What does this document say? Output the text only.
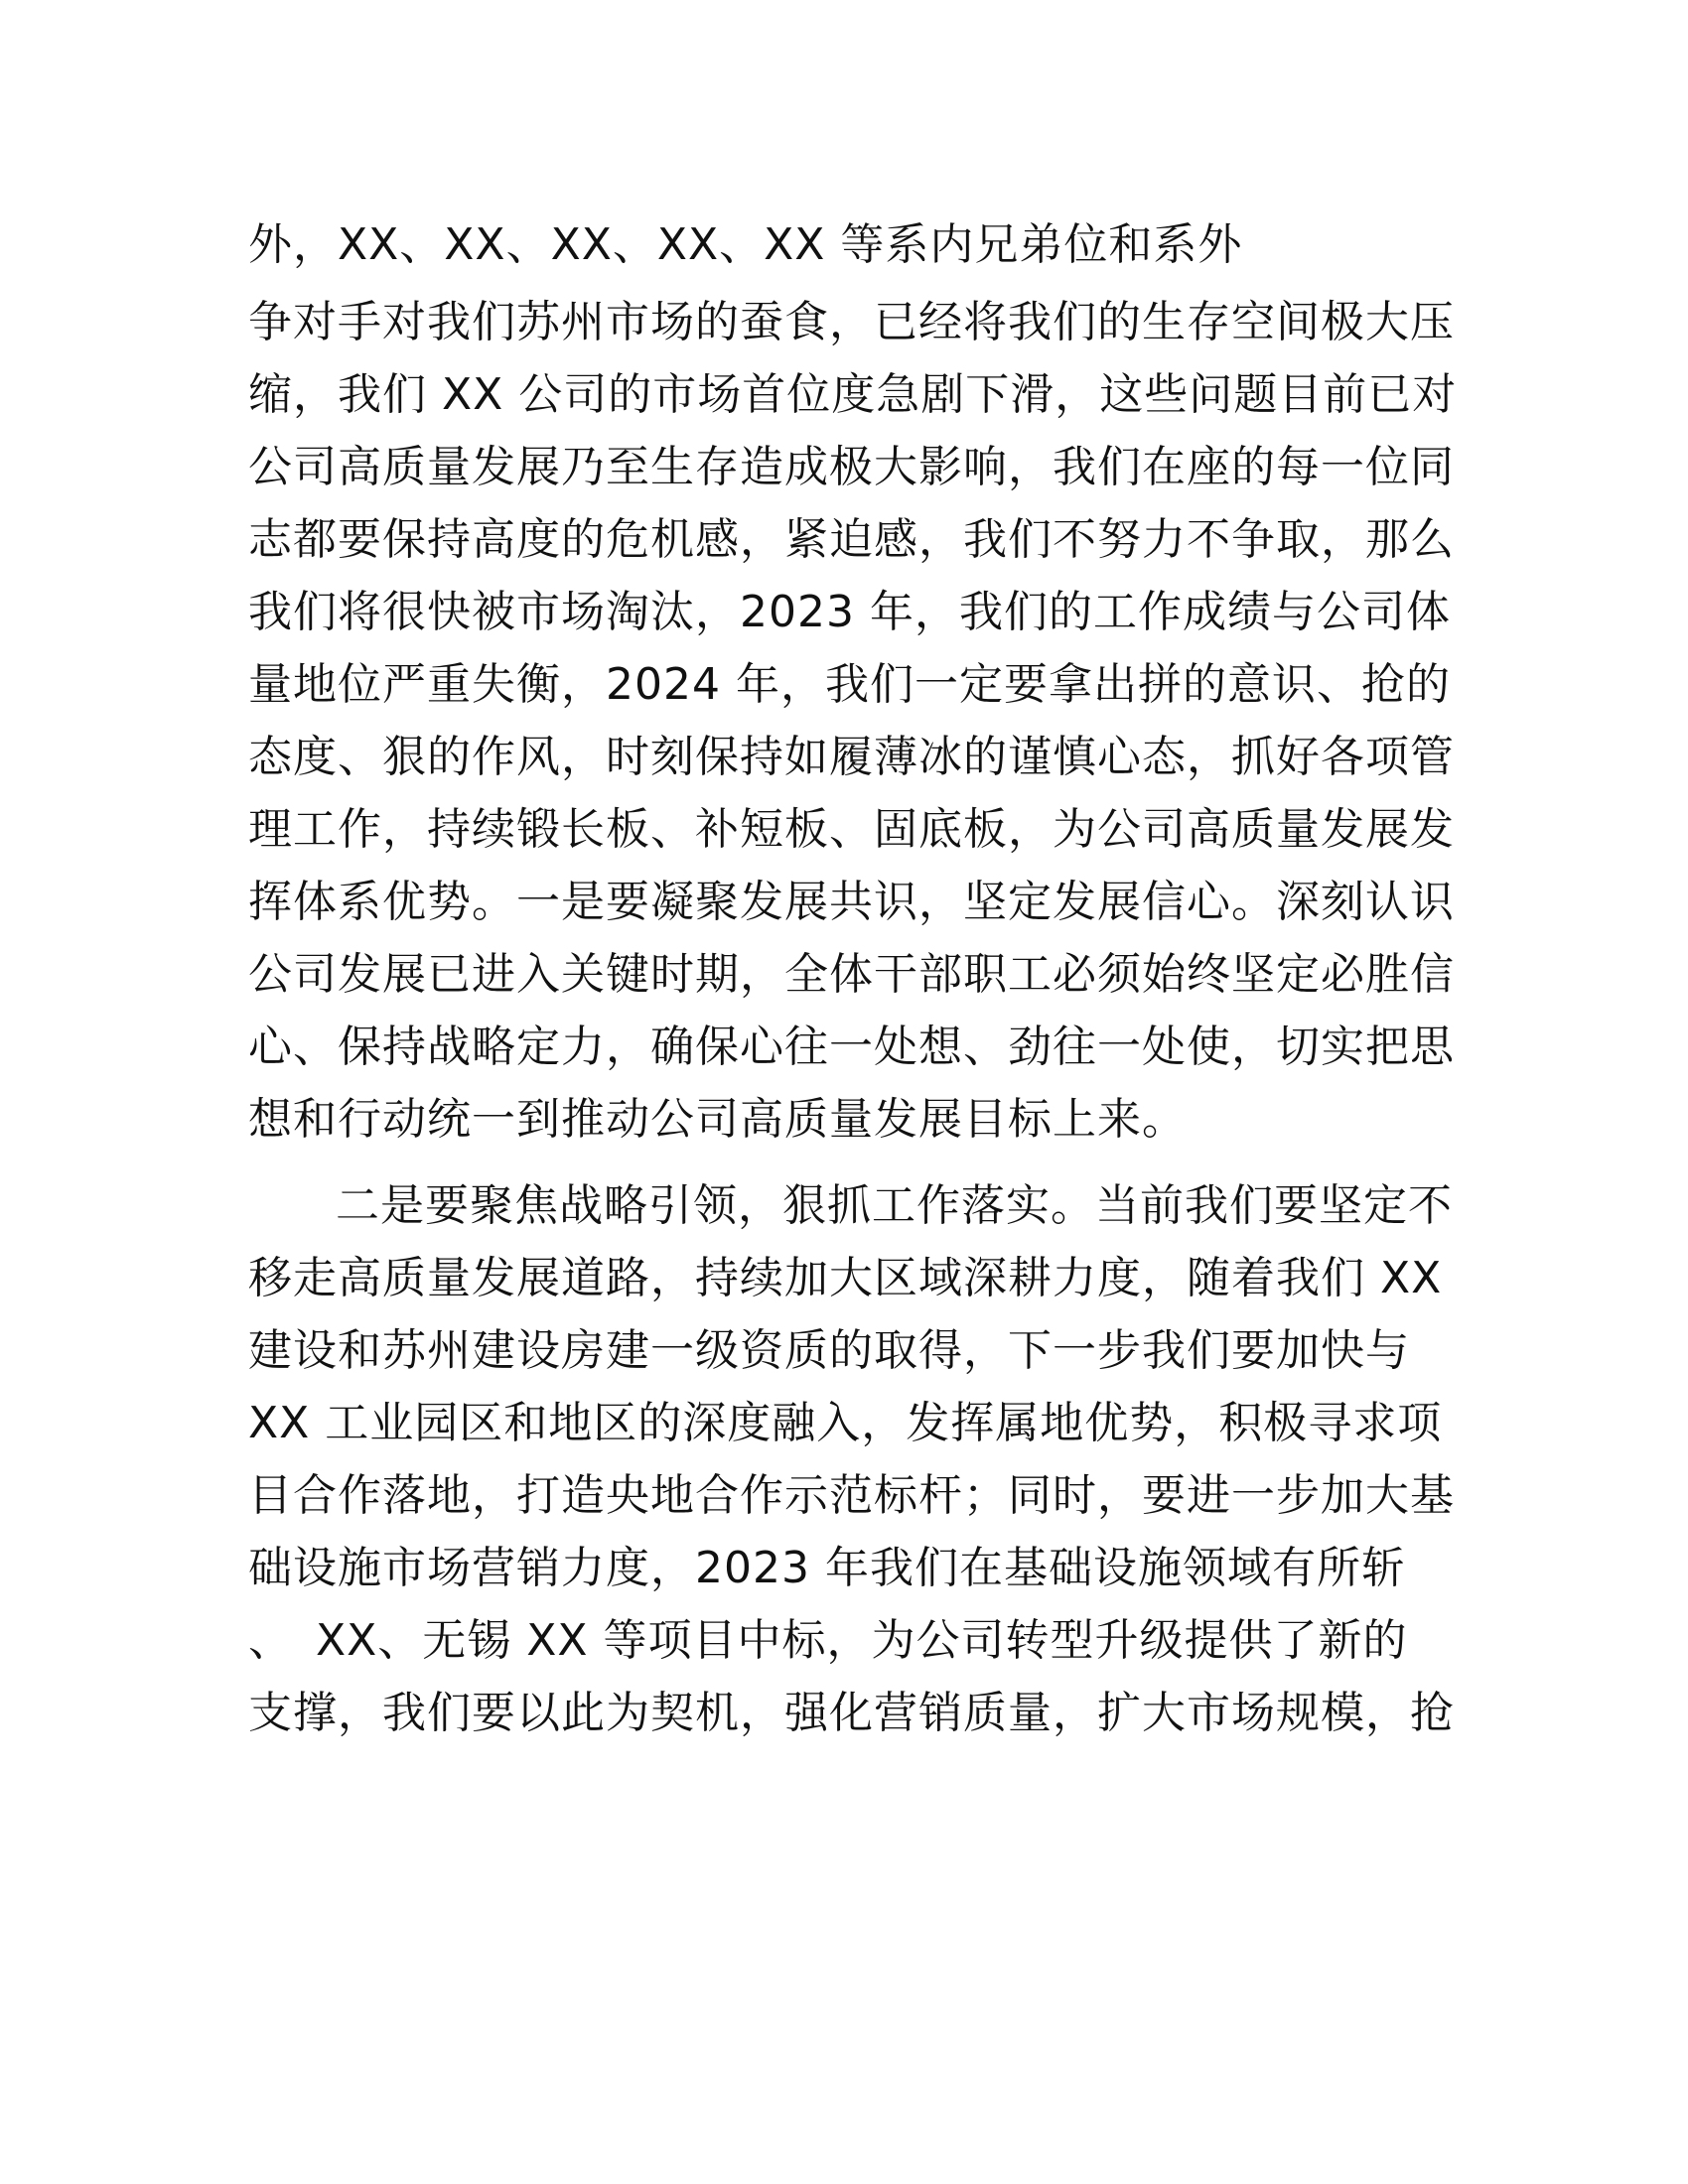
外，XX、XX、XX、XX、XX 等系内兄弟位和系外
争对手对我们苏州市场的蚕食，已经将我们的生存空间极大压
缩，我们 XX 公司的市场首位度急剧下滑，这些问题目前已对
公司高质量发展乃至生存造成极大影响，我们在座的每一位同
志都要保持高度的危机感，紧迫感，我们不努力不争取，那么
我们将很快被市场淘汰，2023 年，我们的工作成绩与公司体
量地位严重失衡，2024 年，我们一定要拿出拼的意识、抢的
态度、狠的作风，时刻保持如履薄冰的谨慎心态，抓好各项管
理工作，持续锻长板、补短板、固底板，为公司高质量发展发
挥体系优势。一是要凝聚发展共识，坚定发展信心。深刻认识
公司发展已进入关键时期，全体干部职工必须始终坚定必胜信
心、保持战略定力，确保心往一处想、劲往一处使，切实把思
想和行动统一到推动公司高质量发展目标上来。
二是要聚焦战略引领，狠抓工作落实。当前我们要坚定不
移走高质量发展道路，持续加大区域深耕力度，随着我们 XX
建设和苏州建设房建一级资质的取得，下一步我们要加快与
XX 工业园区和地区的深度融入，发挥属地优势，积极寻求项
目合作落地，打造央地合作示范标杆；同时，要进一步加大基
础设施市场营销力度，2023 年我们在基础设施领域有所斩
、　XX、无锡 XX 等项目中标，为公司转型升级提供了新的
支撑，我们要以此为契机，强化营销质量，扩大市场规模，抢
